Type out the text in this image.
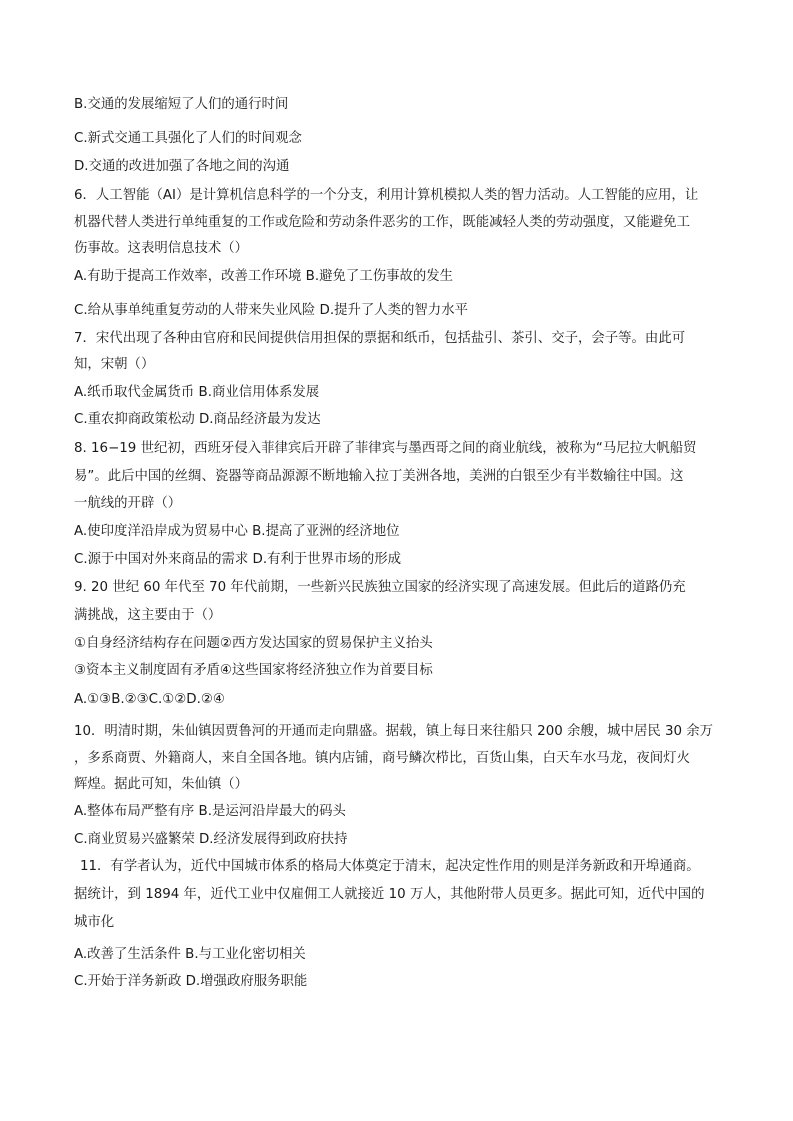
B.交通的发展缩短了人们的通行时间
C.新式交通工具强化了人们的时间观念
D.交通的改进加强了各地之间的沟通
6．人工智能（AI）是计算机信息科学的一个分支，利用计算机模拟人类的智力活动。人工智能的应用，让
机器代替人类进行单纯重复的工作或危险和劳动条件恶劣的工作，既能减轻人类的劳动强度，又能避免工
伤事故。这表明信息技术（）
A.有助于提高工作效率，改善工作环境 B.避免了工伤事故的发生
C.给从事单纯重复劳动的人带来失业风险 D.提升了人类的智力水平
7．宋代出现了各种由官府和民间提供信用担保的票据和纸币，包括盐引、茶引、交子，会子等。由此可
知，宋朝（）
A.纸币取代金属货币 B.商业信用体系发展
C.重农抑商政策松动 D.商品经济最为发达
8. 16−19 世纪初，西班牙侵入菲律宾后开辟了菲律宾与墨西哥之间的商业航线，被称为“马尼拉大帆船贸
易”。此后中国的丝绸、瓷器等商品源源不断地输入拉丁美洲各地，美洲的白银至少有半数输往中国。这
一航线的开辟（）
A.使印度洋沿岸成为贸易中心 B.提高了亚洲的经济地位
C.源于中国对外来商品的需求 D.有利于世界市场的形成
9. 20 世纪 60 年代至 70 年代前期，一些新兴民族独立国家的经济实现了高速发展。但此后的道路仍充
满挑战，这主要由于（）
①自身经济结构存在问题②西方发达国家的贸易保护主义抬头
③资本主义制度固有矛盾④这些国家将经济独立作为首要目标
A.①③B.②③C.①②D.②④
10．明清时期，朱仙镇因贾鲁河的开通而走向鼎盛。据载，镇上每日来往船只 200 余艘，城中居民 30 余万
，多系商贾、外籍商人，来自全国各地。镇内店铺，商号鳞次栉比，百货山集，白天车水马龙，夜间灯火
辉煌。据此可知，朱仙镇（）
A.整体布局严整有序 B.是运河沿岸最大的码头
C.商业贸易兴盛繁荣 D.经济发展得到政府扶持
11．有学者认为，近代中国城市体系的格局大体奠定于清末，起决定性作用的则是洋务新政和开埠通商。
据统计，到 1894 年，近代工业中仅雇佣工人就接近 10 万人，其他附带人员更多。据此可知，近代中国的
城市化
A.改善了生活条件 B.与工业化密切相关
C.开始于洋务新政 D.增强政府服务职能
